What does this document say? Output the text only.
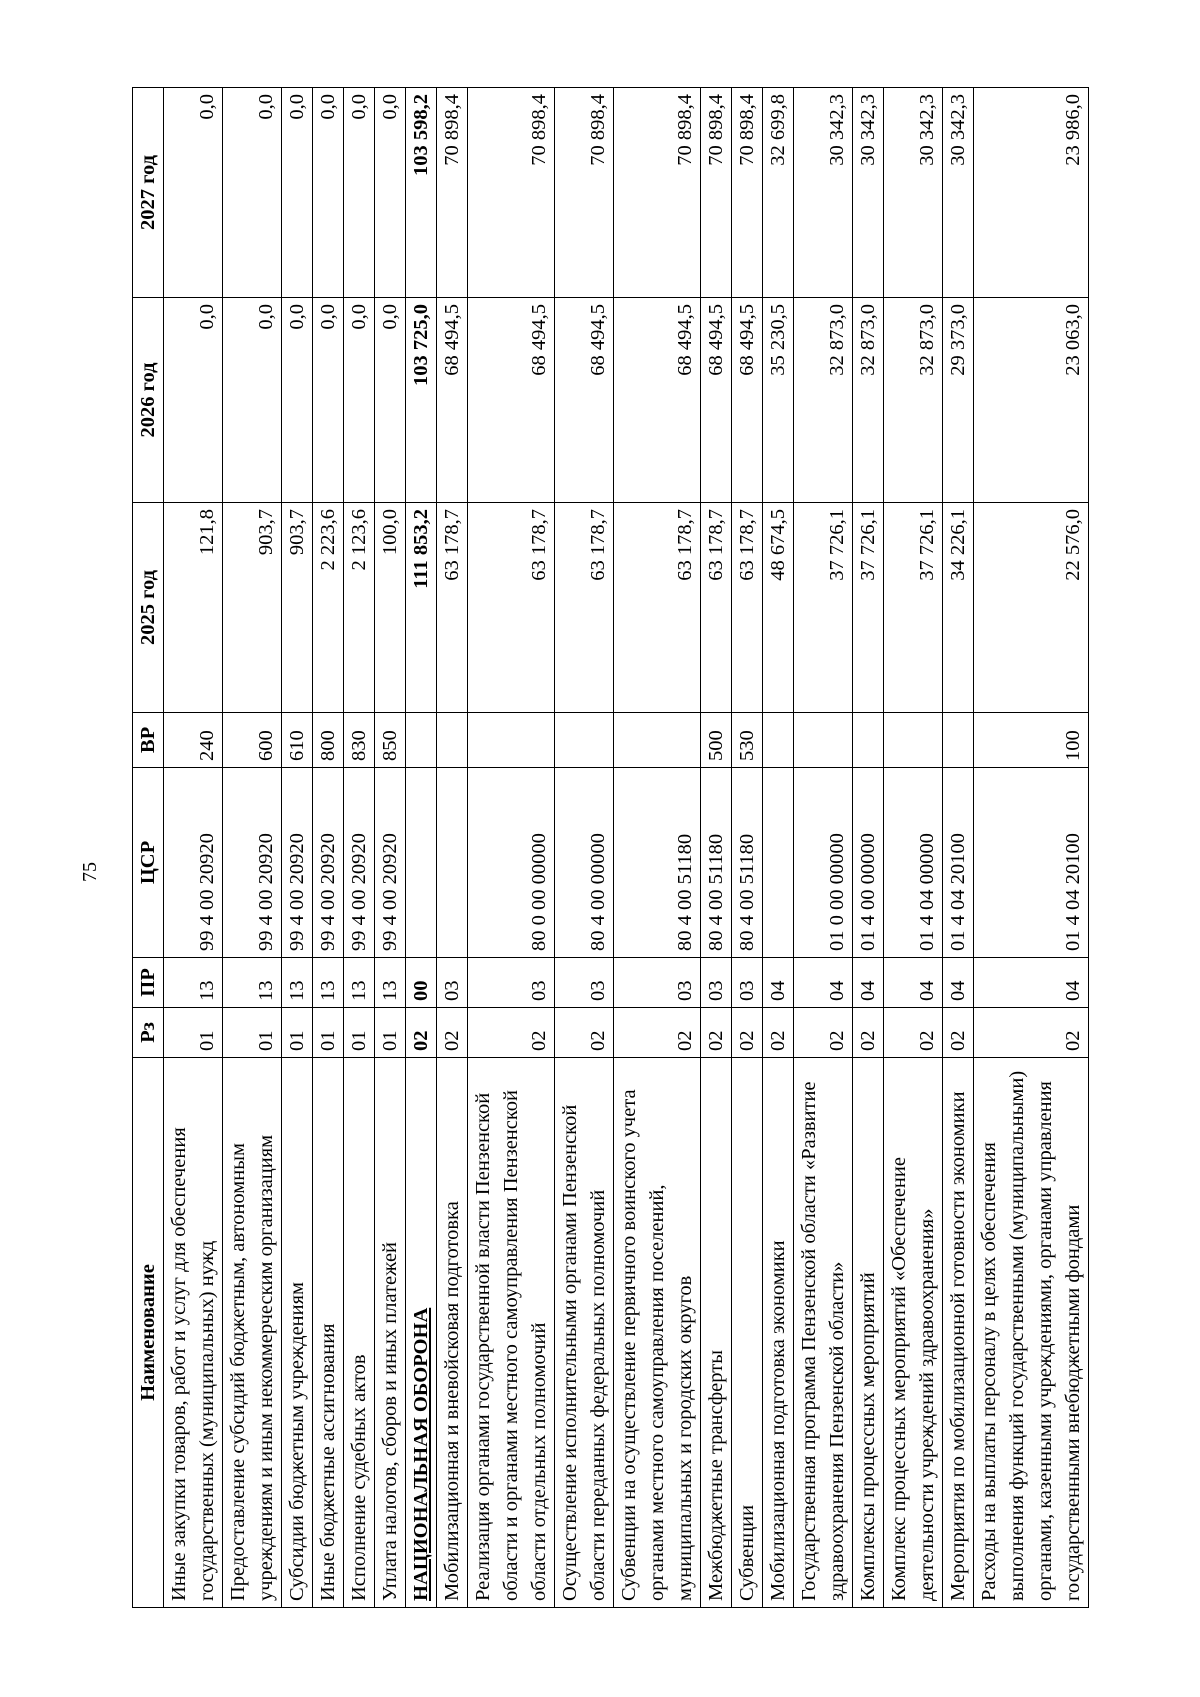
75
Наименование	Рз	ПР	ЦСР	ВР	2025 год	2026 год	2027 год
Иные закупки товаров, работ и услуг для обеспечения государственных (муниципальных) нужд	01	13	99 4 00 20920	240	121,8	0,0	0,0
Предоставление субсидий бюджетным, автономным учреждениям и иным некоммерческим организациям	01	13	99 4 00 20920	600	903,7	0,0	0,0
Субсидии бюджетным учреждениям	01	13	99 4 00 20920	610	903,7	0,0	0,0
Иные бюджетные ассигнования	01	13	99 4 00 20920	800	2 223,6	0,0	0,0
Исполнение судебных актов	01	13	99 4 00 20920	830	2 123,6	0,0	0,0
Уплата налогов, сборов и иных платежей	01	13	99 4 00 20920	850	100,0	0,0	0,0
НАЦИОНАЛЬНАЯ ОБОРОНА	02	00			111 853,2	103 725,0	103 598,2
Мобилизационная и вневойсковая подготовка	02	03			63 178,7	68 494,5	70 898,4
Реализация органами государственной власти Пензенской области и органами местного самоуправления Пензенской области отдельных полномочий	02	03	80 0 00 00000		63 178,7	68 494,5	70 898,4
Осуществление исполнительными органами Пензенской области переданных федеральных полномочий	02	03	80 4 00 00000		63 178,7	68 494,5	70 898,4
Субвенции на осуществление первичного воинского учета органами местного самоуправления поселений, муниципальных и городских округов	02	03	80 4 00 51180		63 178,7	68 494,5	70 898,4
Межбюджетные трансферты	02	03	80 4 00 51180	500	63 178,7	68 494,5	70 898,4
Субвенции	02	03	80 4 00 51180	530	63 178,7	68 494,5	70 898,4
Мобилизационная подготовка экономики	02	04			48 674,5	35 230,5	32 699,8
Государственная программа Пензенской области «Развитие здравоохранения Пензенской области»	02	04	01 0 00 00000		37 726,1	32 873,0	30 342,3
Комплексы процессных мероприятий	02	04	01 4 00 00000		37 726,1	32 873,0	30 342,3
Комплекс процессных мероприятий «Обеспечение деятельности учреждений здравоохранения»	02	04	01 4 04 00000		37 726,1	32 873,0	30 342,3
Мероприятия по мобилизационной готовности экономики	02	04	01 4 04 20100		34 226,1	29 373,0	30 342,3
Расходы на выплаты персоналу в целях обеспечения выполнения функций государственными (муниципальными) органами, казенными учреждениями, органами управления государственными внебюджетными фондами	02	04	01 4 04 20100	100	22 576,0	23 063,0	23 986,0
